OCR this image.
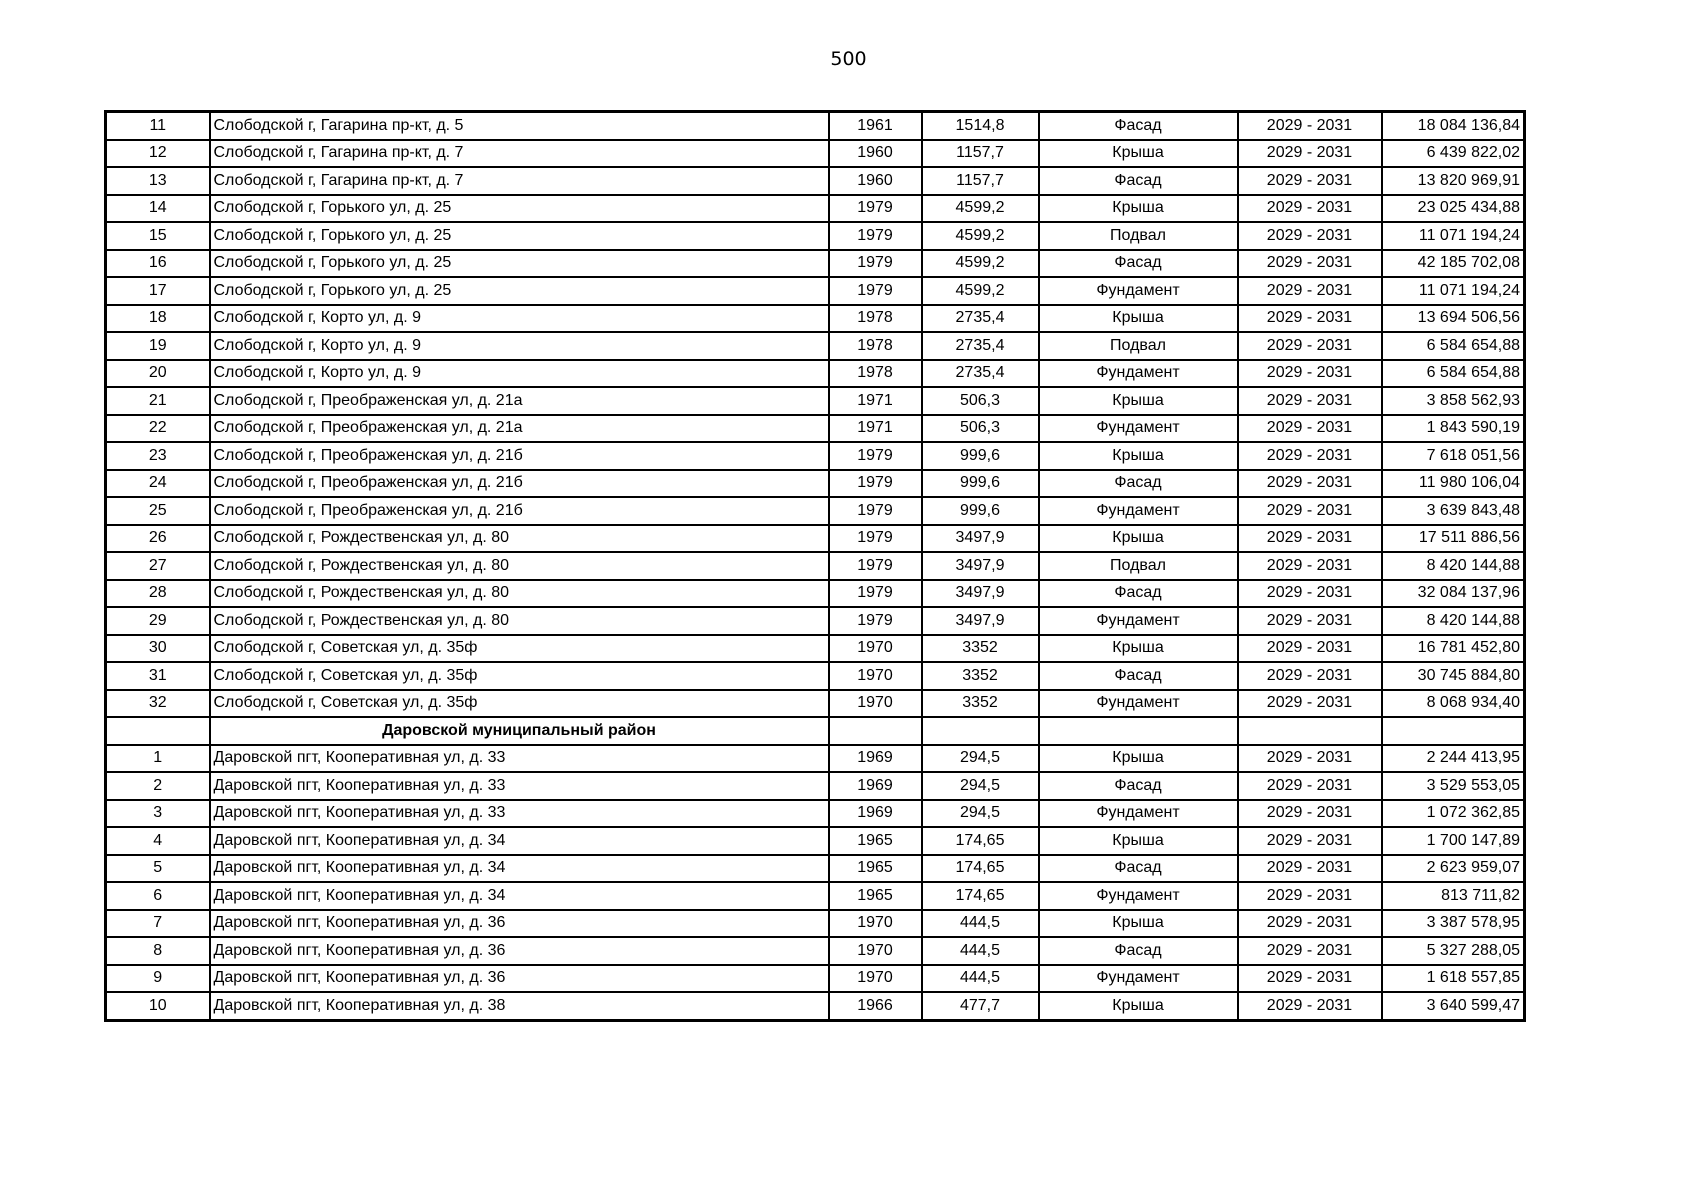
500
11	Слободской г, Гагарина пр-кт, д. 5	1961	1514,8	Фасад	2029 - 2031	18 084 136,84
12	Слободской г, Гагарина пр-кт, д. 7	1960	1157,7	Крыша	2029 - 2031	6 439 822,02
13	Слободской г, Гагарина пр-кт, д. 7	1960	1157,7	Фасад	2029 - 2031	13 820 969,91
14	Слободской г, Горького ул, д. 25	1979	4599,2	Крыша	2029 - 2031	23 025 434,88
15	Слободской г, Горького ул, д. 25	1979	4599,2	Подвал	2029 - 2031	11 071 194,24
16	Слободской г, Горького ул, д. 25	1979	4599,2	Фасад	2029 - 2031	42 185 702,08
17	Слободской г, Горького ул, д. 25	1979	4599,2	Фундамент	2029 - 2031	11 071 194,24
18	Слободской г, Корто ул, д. 9	1978	2735,4	Крыша	2029 - 2031	13 694 506,56
19	Слободской г, Корто ул, д. 9	1978	2735,4	Подвал	2029 - 2031	6 584 654,88
20	Слободской г, Корто ул, д. 9	1978	2735,4	Фундамент	2029 - 2031	6 584 654,88
21	Слободской г, Преображенская ул, д. 21а	1971	506,3	Крыша	2029 - 2031	3 858 562,93
22	Слободской г, Преображенская ул, д. 21а	1971	506,3	Фундамент	2029 - 2031	1 843 590,19
23	Слободской г, Преображенская ул, д. 21б	1979	999,6	Крыша	2029 - 2031	7 618 051,56
24	Слободской г, Преображенская ул, д. 21б	1979	999,6	Фасад	2029 - 2031	11 980 106,04
25	Слободской г, Преображенская ул, д. 21б	1979	999,6	Фундамент	2029 - 2031	3 639 843,48
26	Слободской г, Рождественская ул, д. 80	1979	3497,9	Крыша	2029 - 2031	17 511 886,56
27	Слободской г, Рождественская ул, д. 80	1979	3497,9	Подвал	2029 - 2031	8 420 144,88
28	Слободской г, Рождественская ул, д. 80	1979	3497,9	Фасад	2029 - 2031	32 084 137,96
29	Слободской г, Рождественская ул, д. 80	1979	3497,9	Фундамент	2029 - 2031	8 420 144,88
30	Слободской г, Советская ул, д. 35ф	1970	3352	Крыша	2029 - 2031	16 781 452,80
31	Слободской г, Советская ул, д. 35ф	1970	3352	Фасад	2029 - 2031	30 745 884,80
32	Слободской г, Советская ул, д. 35ф	1970	3352	Фундамент	2029 - 2031	8 068 934,40
	Даровской муниципальный район					
1	Даровской пгт, Кооперативная ул, д. 33	1969	294,5	Крыша	2029 - 2031	2 244 413,95
2	Даровской пгт, Кооперативная ул, д. 33	1969	294,5	Фасад	2029 - 2031	3 529 553,05
3	Даровской пгт, Кооперативная ул, д. 33	1969	294,5	Фундамент	2029 - 2031	1 072 362,85
4	Даровской пгт, Кооперативная ул, д. 34	1965	174,65	Крыша	2029 - 2031	1 700 147,89
5	Даровской пгт, Кооперативная ул, д. 34	1965	174,65	Фасад	2029 - 2031	2 623 959,07
6	Даровской пгт, Кооперативная ул, д. 34	1965	174,65	Фундамент	2029 - 2031	813 711,82
7	Даровской пгт, Кооперативная ул, д. 36	1970	444,5	Крыша	2029 - 2031	3 387 578,95
8	Даровской пгт, Кооперативная ул, д. 36	1970	444,5	Фасад	2029 - 2031	5 327 288,05
9	Даровской пгт, Кооперативная ул, д. 36	1970	444,5	Фундамент	2029 - 2031	1 618 557,85
10	Даровской пгт, Кооперативная ул, д. 38	1966	477,7	Крыша	2029 - 2031	3 640 599,47
